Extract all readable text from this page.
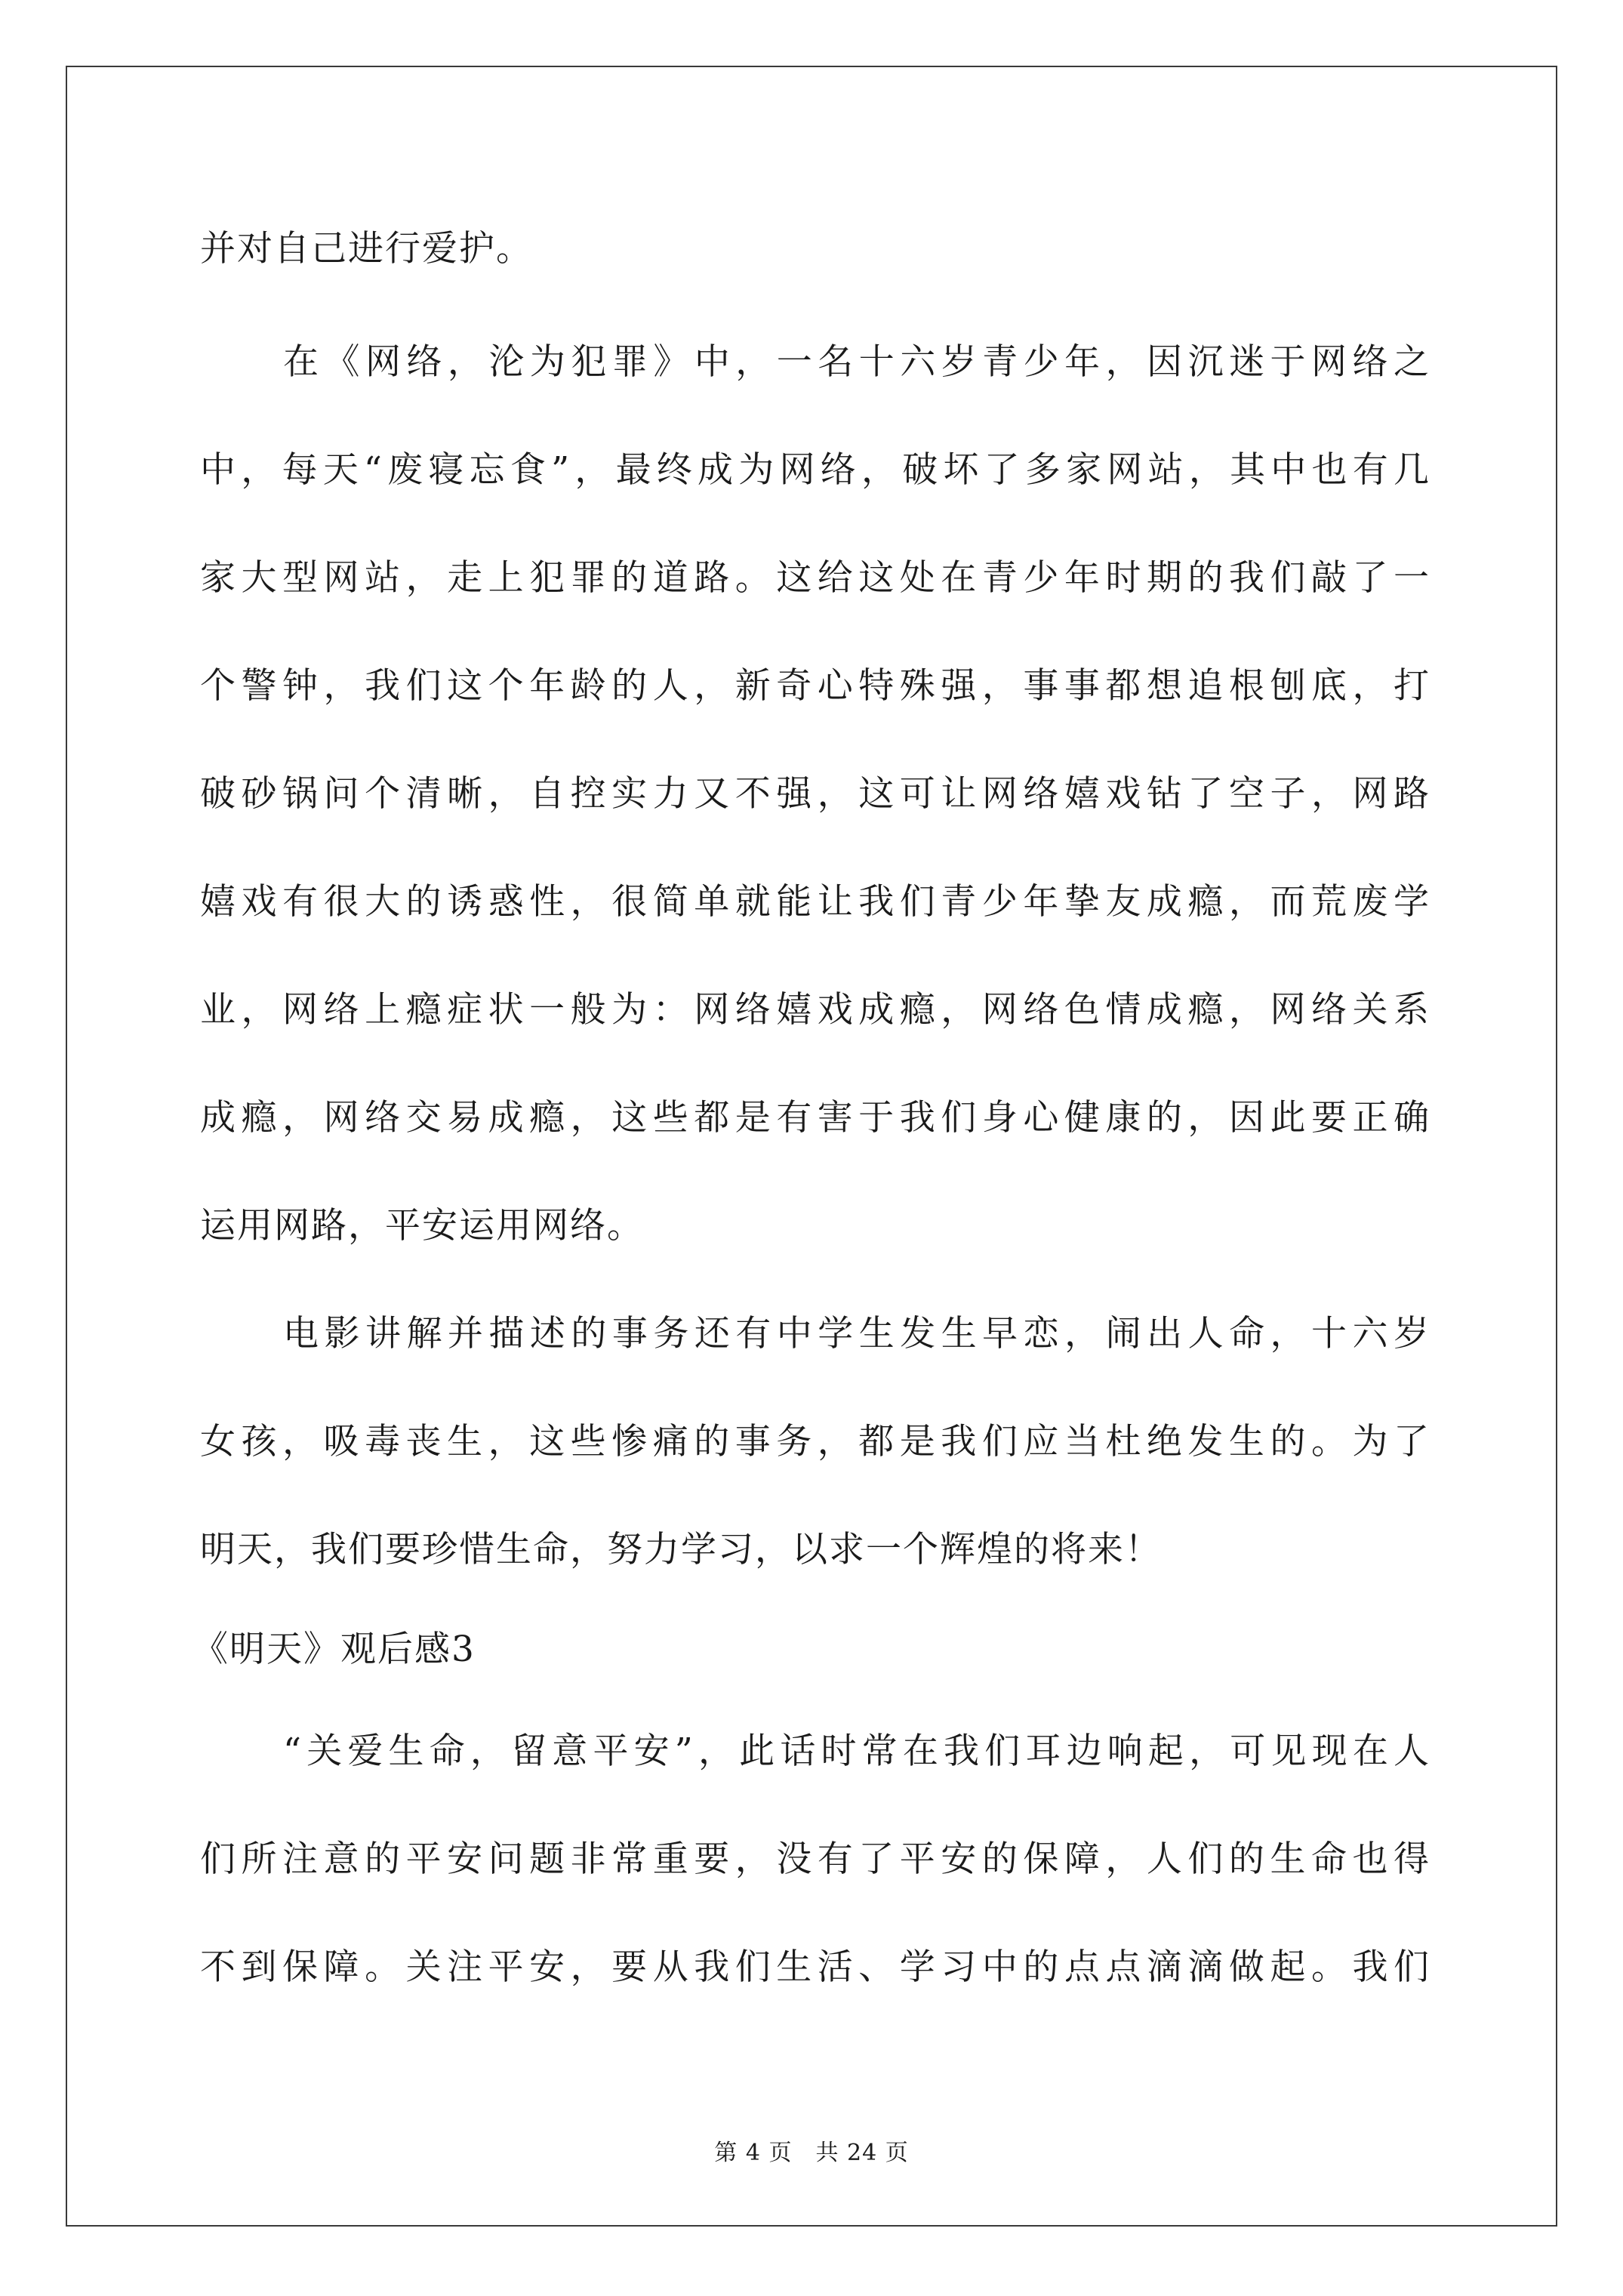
并对自己进行爱护。
在《网络，沦为犯罪》中，一名十六岁青少年，因沉迷于网络之
中，每天“废寝忘食”，最终成为网络，破坏了多家网站，其中也有几
家大型网站，走上犯罪的道路。这给这处在青少年时期的我们敲了一
个警钟，我们这个年龄的人，新奇心特殊强，事事都想追根刨底，打
破砂锅问个清晰，自控实力又不强，这可让网络嬉戏钻了空子，网路
嬉戏有很大的诱惑性，很简单就能让我们青少年挚友成瘾，而荒废学
业，网络上瘾症状一般为：网络嬉戏成瘾，网络色情成瘾，网络关系
成瘾，网络交易成瘾，这些都是有害于我们身心健康的，因此要正确
运用网路，平安运用网络。
电影讲解并描述的事务还有中学生发生早恋，闹出人命，十六岁
女孩，吸毒丧生，这些惨痛的事务，都是我们应当杜绝发生的。为了
明天，我们要珍惜生命，努力学习，以求一个辉煌的将来！
《明天》观后感3
“关爱生命，留意平安”，此话时常在我们耳边响起，可见现在人
们所注意的平安问题非常重要，没有了平安的保障，人们的生命也得
不到保障。关注平安，要从我们生活、学习中的点点滴滴做起。我们
第 4 页　共 24 页
